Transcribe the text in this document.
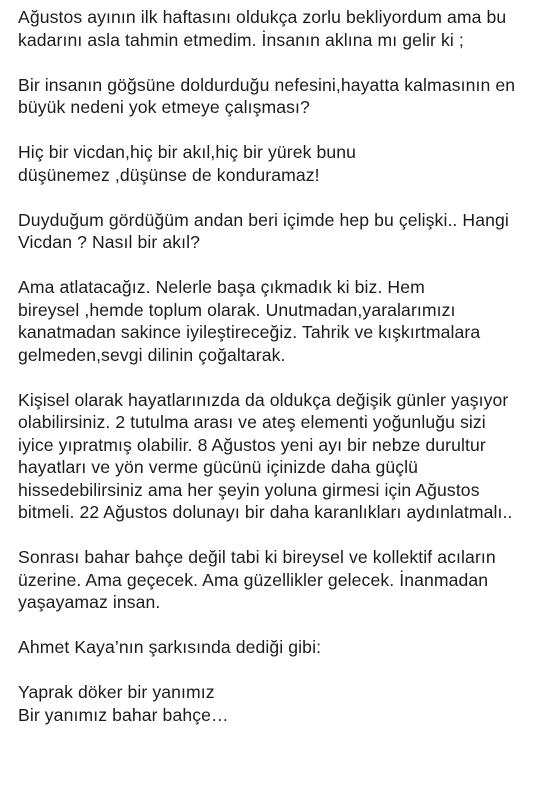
Ağustos ayının ilk haftasını oldukça zorlu bekliyordum ama bu
kadarını asla tahmin etmedim. İnsanın aklına mı gelir ki ;

Bir insanın göğsüne doldurduğu nefesini,hayatta kalmasının en
büyük nedeni yok etmeye çalışması?

Hiç bir vicdan,hiç bir akıl,hiç bir yürek bunu
düşünemez ,düşünse de konduramaz!

Duyduğum gördüğüm andan beri içimde hep bu çelişki.. Hangi
Vicdan ? Nasıl bir akıl?

Ama atlatacağız. Nelerle başa çıkmadık ki biz. Hem
bireysel ,hemde toplum olarak. Unutmadan,yaralarımızı
kanatmadan sakince iyileştireceğiz. Tahrik ve kışkırtmalara
gelmeden,sevgi dilinin çoğaltarak.

Kişisel olarak hayatlarınızda da oldukça değişik günler yaşıyor
olabilirsiniz. 2 tutulma arası ve ateş elementi yoğunluğu sizi
iyice yıpratmış olabilir. 8 Ağustos yeni ayı bir nebze durultur
hayatları ve yön verme gücünü içinizde daha güçlü
hissedebilirsiniz ama her şeyin yoluna girmesi için Ağustos
bitmeli. 22 Ağustos dolunayı bir daha karanlıkları aydınlatmalı..

Sonrası bahar bahçe değil tabi ki bireysel ve kollektif acıların
üzerine. Ama geçecek. Ama güzellikler gelecek. İnanmadan
yaşayamaz insan.

Ahmet Kaya’nın şarkısında dediği gibi:

Yaprak döker bir yanımız
Bir yanımız bahar bahçe…
